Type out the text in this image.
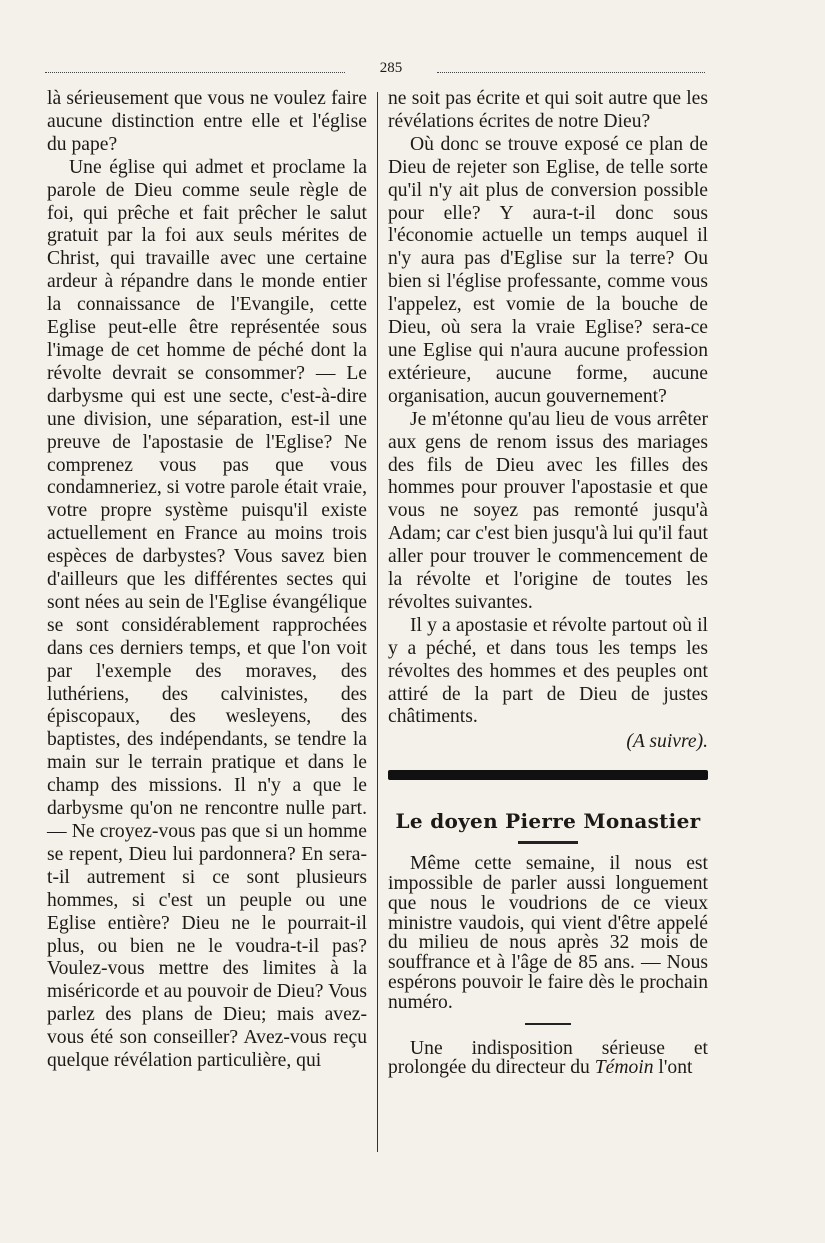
285

là sérieusement que vous ne voulez faire aucune distinction entre elle et l'église du pape?

Une église qui admet et proclame la parole de Dieu comme seule règle de foi, qui prêche et fait prêcher le salut gratuit par la foi aux seuls mérites de Christ, qui travaille avec une certaine ardeur à répandre dans le monde entier la connaissance de l'Evangile, cette Eglise peut-elle être représentée sous l'image de cet homme de péché dont la révolte devrait se consommer? — Le darbysme qui est une secte, c'est-à-dire une division, une séparation, est-il une preuve de l'apostasie de l'Eglise? Ne comprenez vous pas que vous condamneriez, si votre parole était vraie, votre propre système puisqu'il existe actuellement en France au moins trois espèces de darbystes? Vous savez bien d'ailleurs que les différentes sectes qui sont nées au sein de l'Eglise évangélique se sont considérablement rapprochées dans ces derniers temps, et que l'on voit par l'exemple des moraves, des luthériens, des calvinistes, des épiscopaux, des wesleyens, des baptistes, des indépendants, se tendre la main sur le terrain pratique et dans le champ des missions. Il n'y a que le darbysme qu'on ne rencontre nulle part. — Ne croyez-vous pas que si un homme se repent, Dieu lui pardonnera? En sera-t-il autrement si ce sont plusieurs hommes, si c'est un peuple ou une Eglise entière? Dieu ne le pourrait-il plus, ou bien ne le voudra-t-il pas? Voulez-vous mettre des limites à la miséricorde et au pouvoir de Dieu? Vous parlez des plans de Dieu; mais avez-vous été son conseiller? Avez-vous reçu quelque révélation particulière, qui

ne soit pas écrite et qui soit autre que les révélations écrites de notre Dieu?

Où donc se trouve exposé ce plan de Dieu de rejeter son Eglise, de telle sorte qu'il n'y ait plus de conversion possible pour elle? Y aura-t-il donc sous l'économie actuelle un temps auquel il n'y aura pas d'Eglise sur la terre? Ou bien si l'église professante, comme vous l'appelez, est vomie de la bouche de Dieu, où sera la vraie Eglise? sera-ce une Eglise qui n'aura aucune profession extérieure, aucune forme, aucune organisation, aucun gouvernement?

Je m'étonne qu'au lieu de vous arrêter aux gens de renom issus des mariages des fils de Dieu avec les filles des hommes pour prouver l'apostasie et que vous ne soyez pas remonté jusqu'à Adam; car c'est bien jusqu'à lui qu'il faut aller pour trouver le commencement de la révolte et l'origine de toutes les révoltes suivantes.

Il y a apostasie et révolte partout où il y a péché, et dans tous les temps les révoltes des hommes et des peuples ont attiré de la part de Dieu de justes châtiments.

(A suivre).

Le doyen Pierre Monastier

Même cette semaine, il nous est impossible de parler aussi longuement que nous le voudrions de ce vieux ministre vaudois, qui vient d'être appelé du milieu de nous après 32 mois de souffrance et à l'âge de 85 ans. — Nous espérons pouvoir le faire dès le prochain numéro.

Une indisposition sérieuse et prolongée du directeur du Témoin l'ont
